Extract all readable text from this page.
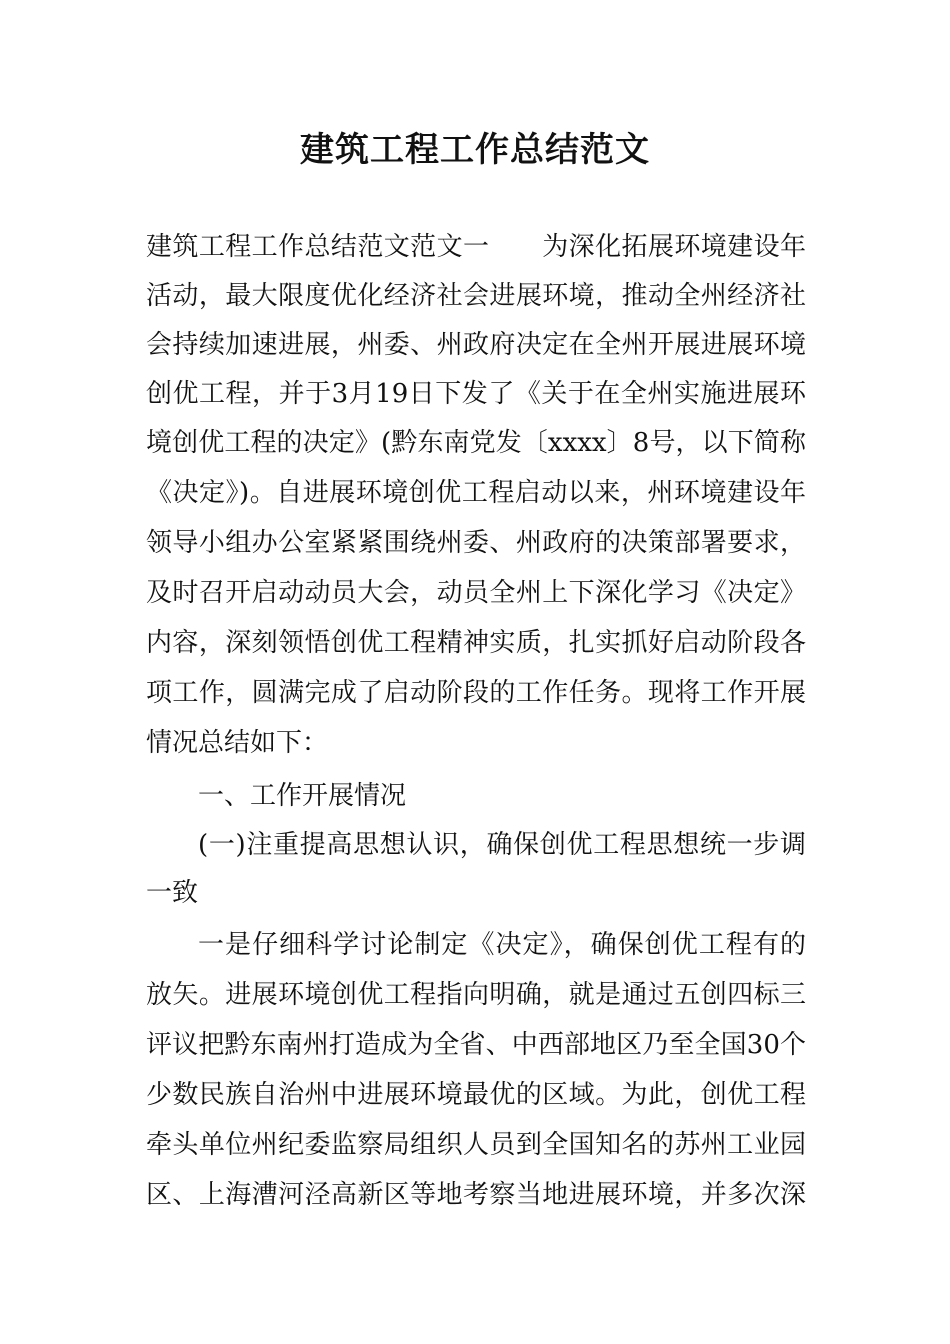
建筑工程工作总结范文
建筑工程工作总结范文范文一　　为深化拓展环境建设年
活动，最大限度优化经济社会进展环境，推动全州经济社
会持续加速进展，州委、州政府决定在全州开展进展环境
创优工程，并于3月19日下发了《关于在全州实施进展环
境创优工程的决定》(黔东南党发〔xxxx〕8号，以下简称
《决定》)。自进展环境创优工程启动以来，州环境建设年
领导小组办公室紧紧围绕州委、州政府的决策部署要求，
及时召开启动动员大会，动员全州上下深化学习《决定》
内容，深刻领悟创优工程精神实质，扎实抓好启动阶段各
项工作，圆满完成了启动阶段的工作任务。现将工作开展
情况总结如下：
一、工作开展情况
(一)注重提高思想认识，确保创优工程思想统一步调
一致
一是仔细科学讨论制定《决定》，确保创优工程有的
放矢。进展环境创优工程指向明确，就是通过五创四标三
评议把黔东南州打造成为全省、中西部地区乃至全国30个
少数民族自治州中进展环境最优的区域。为此，创优工程
牵头单位州纪委监察局组织人员到全国知名的苏州工业园
区、上海漕河泾高新区等地考察当地进展环境，并多次深
